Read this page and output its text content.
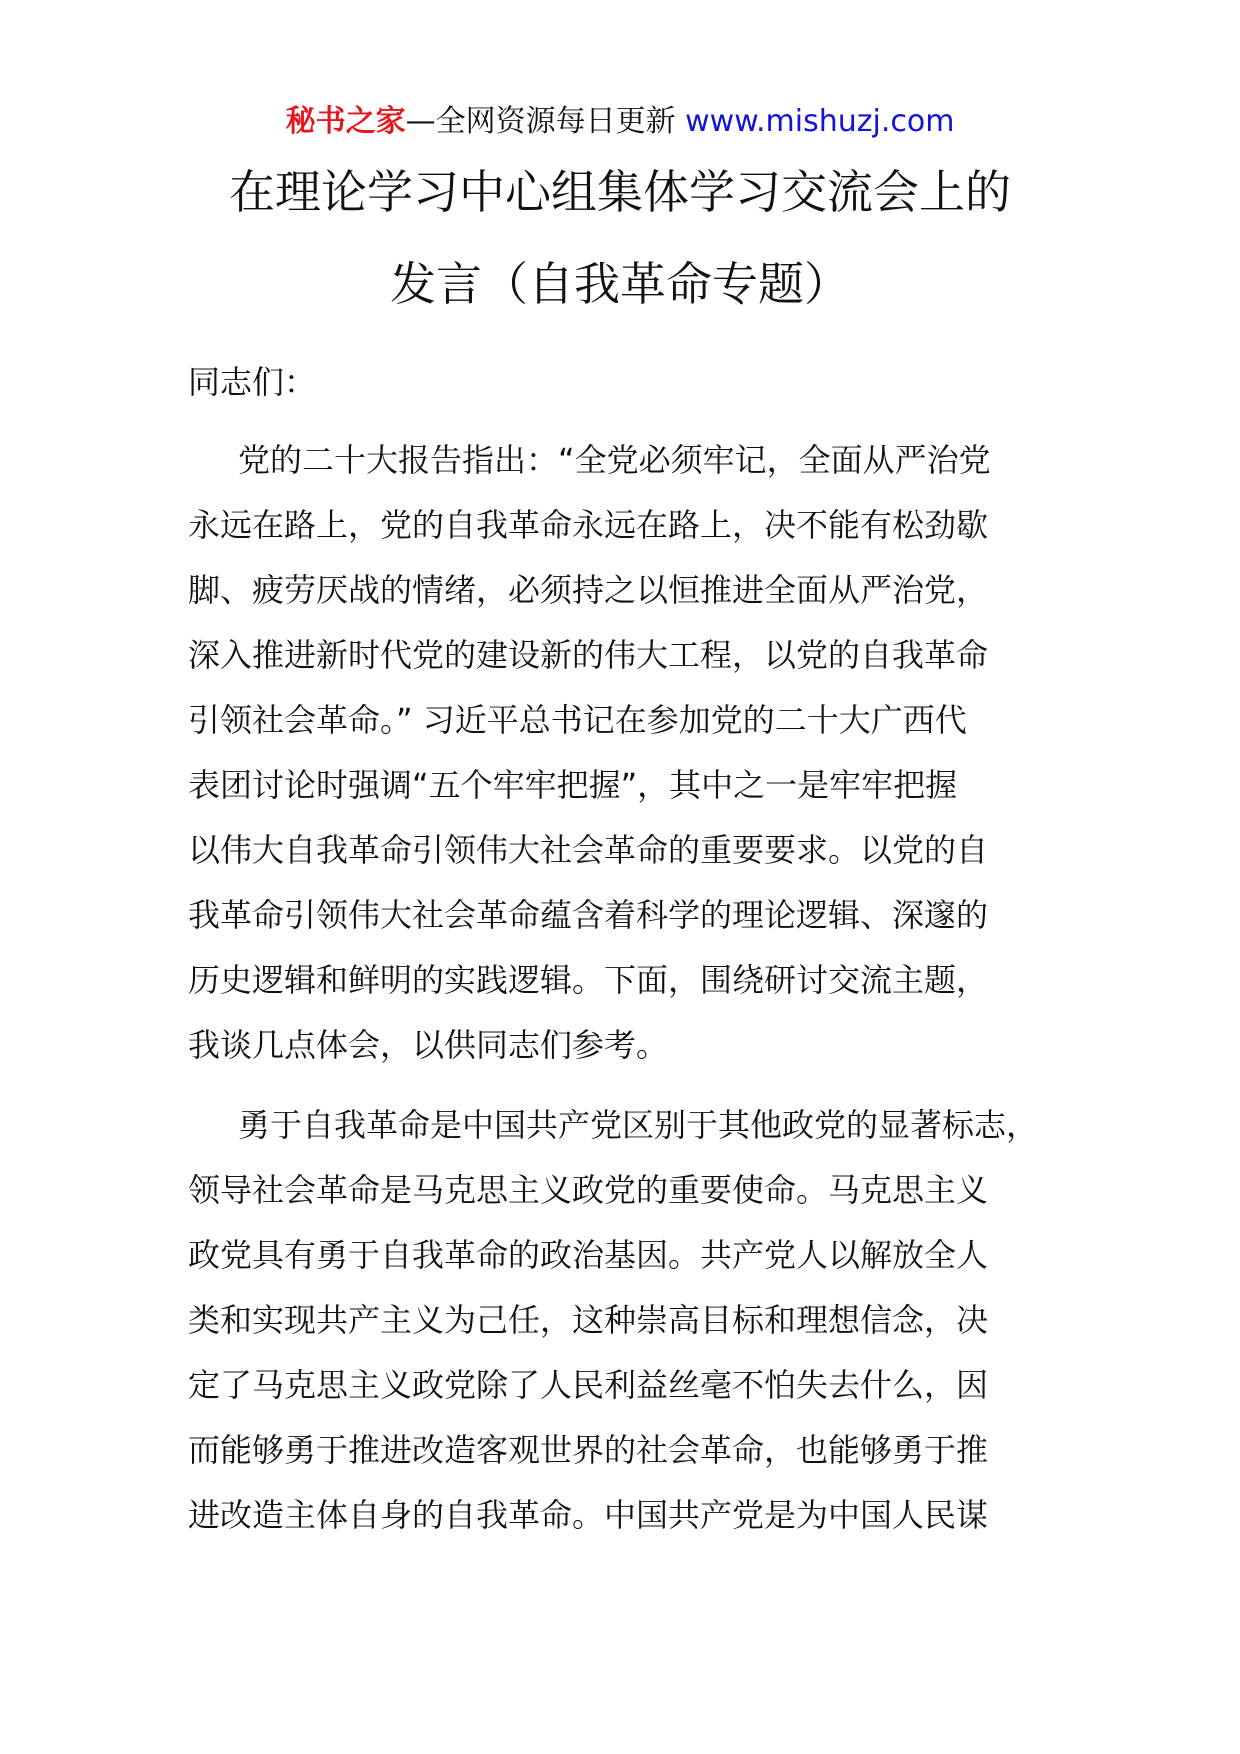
秘书之家—全网资源每日更新 www.mishuzj.com
在理论学习中心组集体学习交流会上的
发言（自我革命专题）
同志们：
党的二十大报告指出：“全党必须牢记，全面从严治党
永远在路上，党的自我革命永远在路上，决不能有松劲歇
脚、疲劳厌战的情绪，必须持之以恒推进全面从严治党，
深入推进新时代党的建设新的伟大工程，以党的自我革命
引领社会革命。” 习近平总书记在参加党的二十大广西代
表团讨论时强调“五个牢牢把握”，其中之一是牢牢把握
以伟大自我革命引领伟大社会革命的重要要求。以党的自
我革命引领伟大社会革命蕴含着科学的理论逻辑、深邃的
历史逻辑和鲜明的实践逻辑。下面，围绕研讨交流主题，
我谈几点体会，以供同志们参考。
勇于自我革命是中国共产党区别于其他政党的显著标志，
领导社会革命是马克思主义政党的重要使命。马克思主义
政党具有勇于自我革命的政治基因。共产党人以解放全人
类和实现共产主义为己任，这种崇高目标和理想信念，决
定了马克思主义政党除了人民利益丝毫不怕失去什么，因
而能够勇于推进改造客观世界的社会革命，也能够勇于推
进改造主体自身的自我革命。中国共产党是为中国人民谋
